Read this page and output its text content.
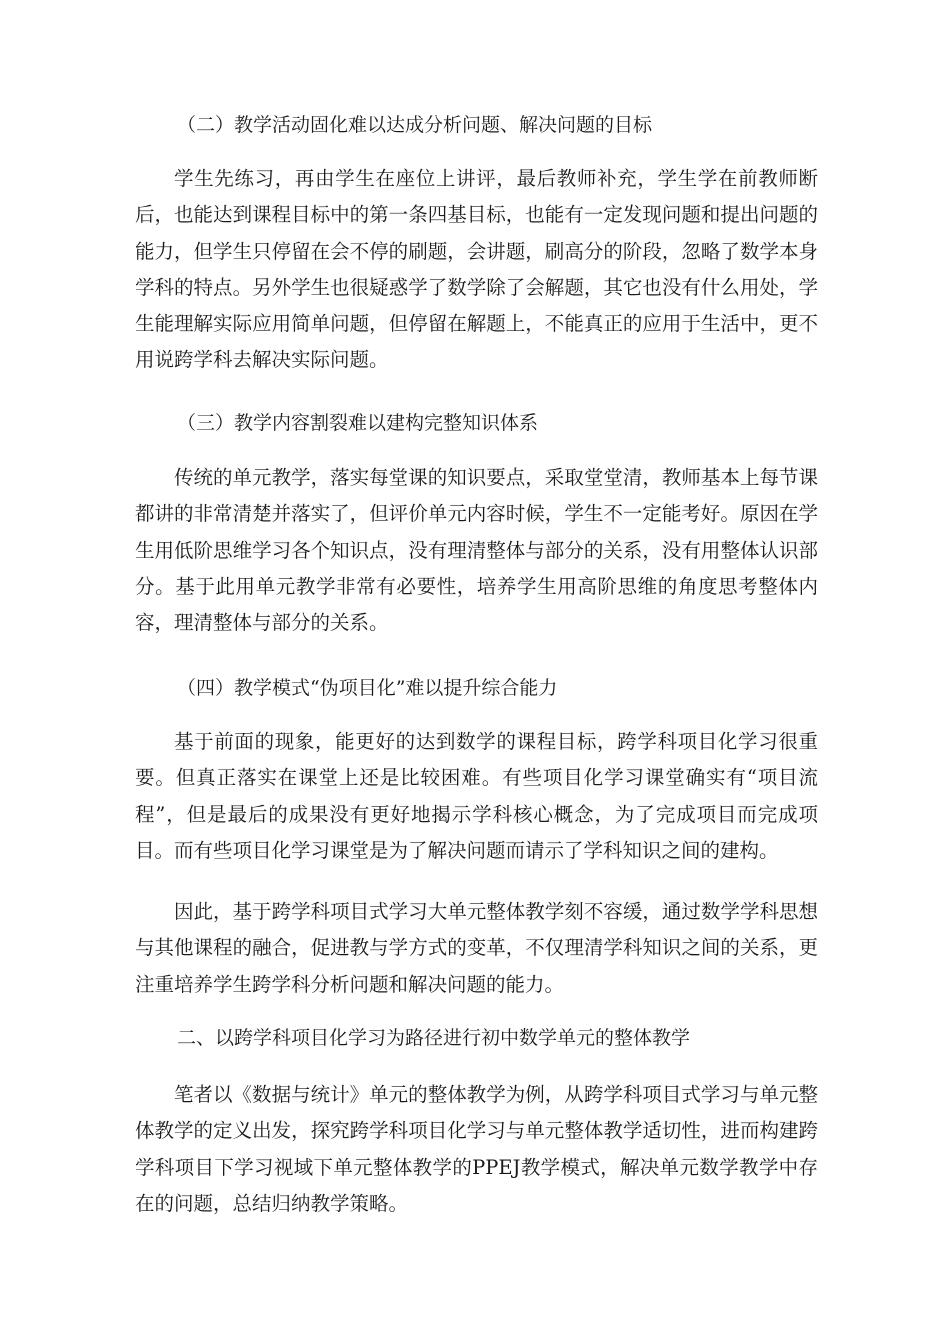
（二）教学活动固化难以达成分析问题、解决问题的目标

学生先练习，再由学生在座位上讲评，最后教师补充，学生学在前教师断后，也能达到课程目标中的第一条四基目标，也能有一定发现问题和提出问题的能力，但学生只停留在会不停的刷题，会讲题，刷高分的阶段，忽略了数学本身学科的特点。另外学生也很疑惑学了数学除了会解题，其它也没有什么用处，学生能理解实际应用简单问题，但停留在解题上，不能真正的应用于生活中，更不用说跨学科去解决实际问题。

（三）教学内容割裂难以建构完整知识体系

传统的单元教学，落实每堂课的知识要点，采取堂堂清，教师基本上每节课都讲的非常清楚并落实了，但评价单元内容时候，学生不一定能考好。原因在学生用低阶思维学习各个知识点，没有理清整体与部分的关系，没有用整体认识部分。基于此用单元教学非常有必要性，培养学生用高阶思维的角度思考整体内容，理清整体与部分的关系。

（四）教学模式“伪项目化”难以提升综合能力

基于前面的现象，能更好的达到数学的课程目标，跨学科项目化学习很重要。但真正落实在课堂上还是比较困难。有些项目化学习课堂确实有“项目流程”，但是最后的成果没有更好地揭示学科核心概念，为了完成项目而完成项目。而有些项目化学习课堂是为了解决问题而请示了学科知识之间的建构。

因此，基于跨学科项目式学习大单元整体教学刻不容缓，通过数学学科思想与其他课程的融合，促进教与学方式的变革，不仅理清学科知识之间的关系，更注重培养学生跨学科分析问题和解决问题的能力。

二、以跨学科项目化学习为路径进行初中数学单元的整体教学

笔者以《数据与统计》单元的整体教学为例，从跨学科项目式学习与单元整体教学的定义出发，探究跨学科项目化学习与单元整体教学适切性，进而构建跨学科项目下学习视域下单元整体教学的PPEJ教学模式，解决单元数学教学中存在的问题，总结归纳教学策略。
